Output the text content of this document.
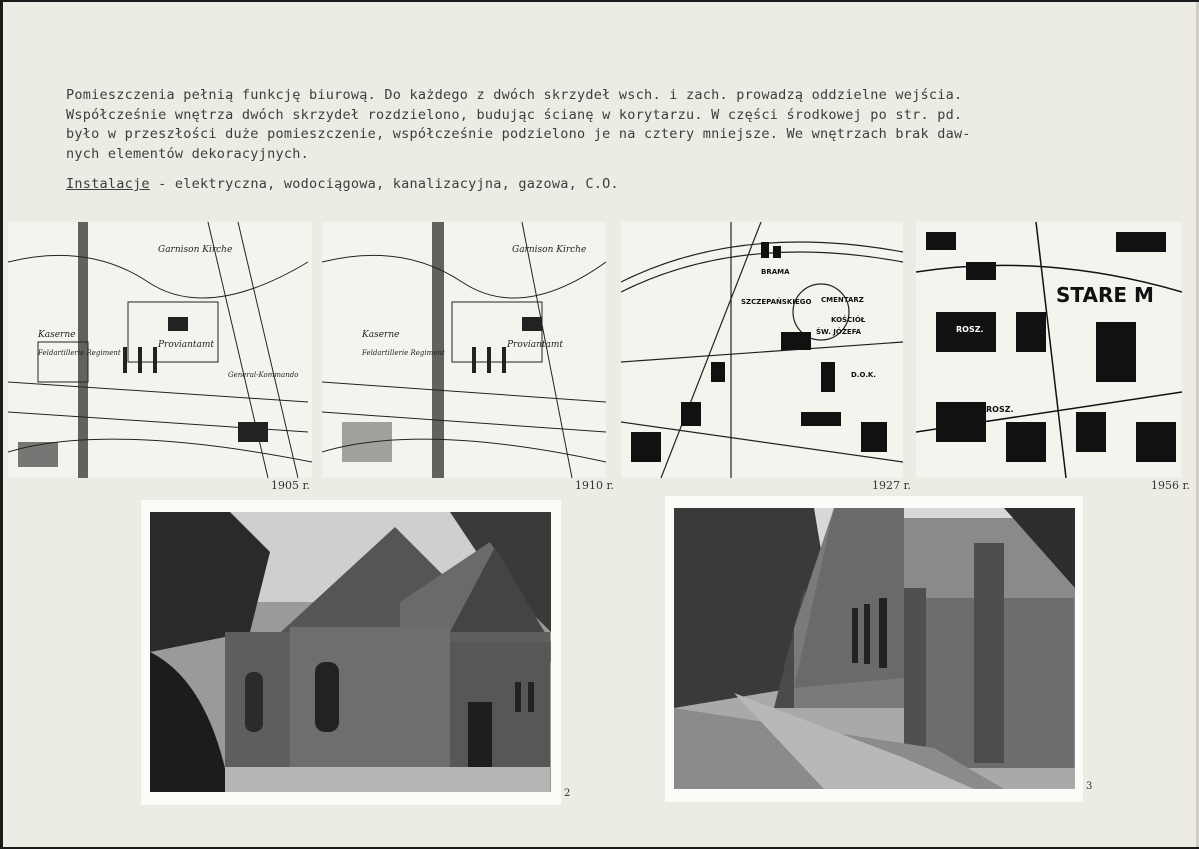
Pomieszczenia pełnią funkcję biurową. Do każdego z dwóch skrzydeł wsch. i zach. prowadzą oddzielne wejścia.
Współcześnie wnętrza dwóch skrzydeł rozdzielono, budując ścianę w korytarzu. W części środkowej po str. pd.
było w przeszłości duże pomieszczenie, współcześnie podzielono je na cztery mniejsze. We wnętrzach brak daw-
nych elementów dekoracyjnych.
Instalacje - elektryczna, wodociągowa, kanalizacyjna, gazowa, C.O.
Garnison Kirche
Kaserne
Proviantamt
Feldartillerie Regiment
General-Kommando
Garnison Kirche
Kaserne
Proviantamt
Feldartillerie Regiment
BRAMA
SZCZEPAŃSKIEGO CMENTARZ
KOŚCIÓŁ
ŚW. JÓZEFA
D.O.K.
STARE M
ROSZ.
ROSZ.
1905 r.	1910 r.	1927 r.	1956 r.
2
3
